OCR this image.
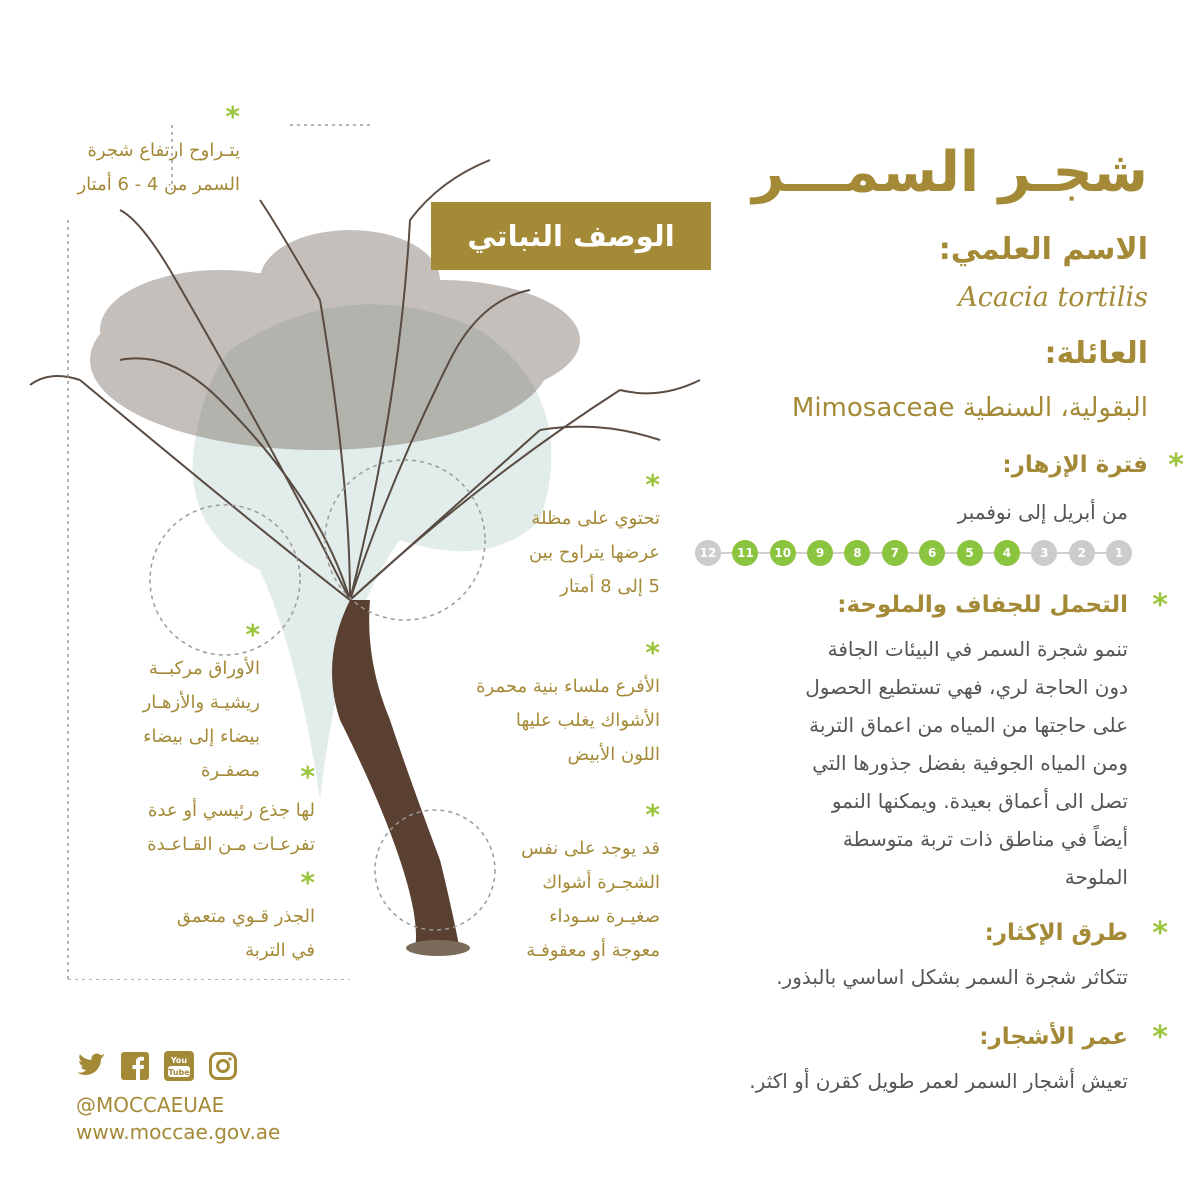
الوصف النباتي
شجـر السمـــر
الاسم العلمي:
Acacia tortilis
العائلة:
البقولية، السنطية Mimosaceae
*
فترة الإزهار:
من أبريل إلى نوفمبر
1
2
3
4
5
6
7
8
9
10
11
12
*
التحمل للجفاف والملوحة:
تنمو شجرة السمر في البيئات الجافة
دون الحاجة لري، فهي تستطيع الحصول
على حاجتها من المياه من اعماق التربة
ومن المياه الجوفية بفضل جذورها التي
تصل الى أعماق بعيدة. ويمكنها النمو
أيضاً في مناطق ذات تربة متوسطة
الملوحة
*
طرق الإكثار:
تتكاثر شجرة السمر بشكل اساسي بالبذور.
*
عمر الأشجار:
تعيش أشجار السمر لعمر طويل كقرن أو اكثر.
*
يتـراوح ارتفاع شجرة
السمر من 4 - 6 أمتار
*
تحتوي على مظلة
عرضها يتراوح بين
5 إلى 8 أمتار
*
الأوراق مركبــة
ريشيـة والأزهـار
بيضاء إلى بيضاء
مصفـرة
*
الأفرع ملساء بنية محمرة
الأشواك يغلب عليها
اللون الأبيض
*
لها جذع رئيسي أو عدة
تفرعـات مـن القـاعـدة
*
قد يوجد على نفس
الشجـرة أشواك
صغيـرة سـوداء
معوجة أو معقوفـة
*
الجذر قـوي متعمق
في التربة
You
Tube
@MOCCAEUAE
www.moccae.gov.ae
